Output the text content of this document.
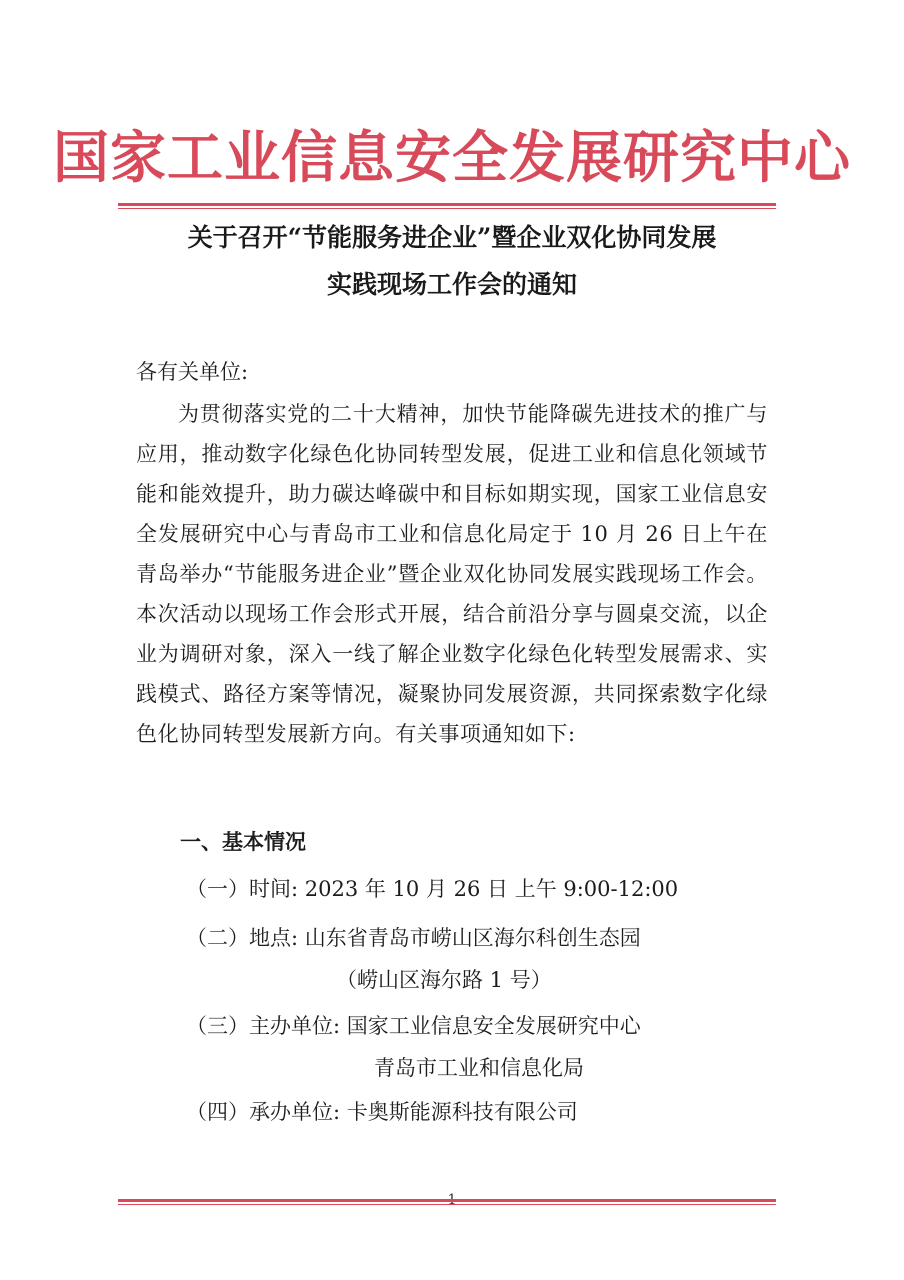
国家工业信息安全发展研究中心
关于召开“节能服务进企业”暨企业双化协同发展
实践现场工作会的通知
各有关单位:
为贯彻落实党的二十大精神，加快节能降碳先进技术的推广与应用，推动数字化绿色化协同转型发展，促进工业和信息化领域节能和能效提升，助力碳达峰碳中和目标如期实现，国家工业信息安全发展研究中心与青岛市工业和信息化局定于 10 月 26 日上午在青岛举办“节能服务进企业”暨企业双化协同发展实践现场工作会。本次活动以现场工作会形式开展，结合前沿分享与圆桌交流，以企业为调研对象，深入一线了解企业数字化绿色化转型发展需求、实践模式、路径方案等情况，凝聚协同发展资源，共同探索数字化绿色化协同转型发展新方向。有关事项通知如下:
一、基本情况
（一）时间: 2023 年 10 月 26 日 上午 9:00-12:00
（二）地点: 山东省青岛市崂山区海尔科创生态园
（崂山区海尔路 1 号）
（三）主办单位: 国家工业信息安全发展研究中心
青岛市工业和信息化局
（四）承办单位: 卡奥斯能源科技有限公司
